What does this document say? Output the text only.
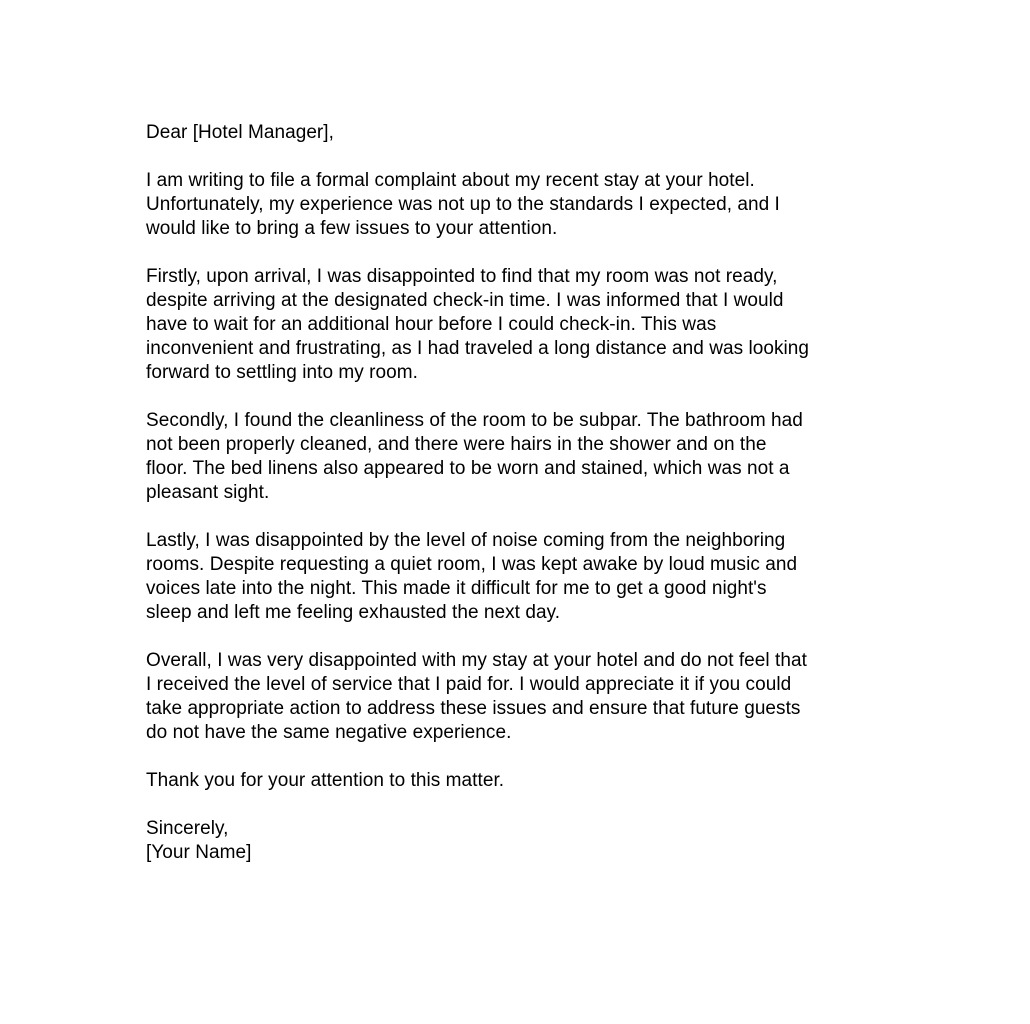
Dear [Hotel Manager],

I am writing to file a formal complaint about my recent stay at your hotel.
Unfortunately, my experience was not up to the standards I expected, and I
would like to bring a few issues to your attention.

Firstly, upon arrival, I was disappointed to find that my room was not ready,
despite arriving at the designated check-in time. I was informed that I would
have to wait for an additional hour before I could check-in. This was
inconvenient and frustrating, as I had traveled a long distance and was looking
forward to settling into my room.

Secondly, I found the cleanliness of the room to be subpar. The bathroom had
not been properly cleaned, and there were hairs in the shower and on the
floor. The bed linens also appeared to be worn and stained, which was not a
pleasant sight.

Lastly, I was disappointed by the level of noise coming from the neighboring
rooms. Despite requesting a quiet room, I was kept awake by loud music and
voices late into the night. This made it difficult for me to get a good night's
sleep and left me feeling exhausted the next day.

Overall, I was very disappointed with my stay at your hotel and do not feel that
I received the level of service that I paid for. I would appreciate it if you could
take appropriate action to address these issues and ensure that future guests
do not have the same negative experience.

Thank you for your attention to this matter.

Sincerely,
[Your Name]
